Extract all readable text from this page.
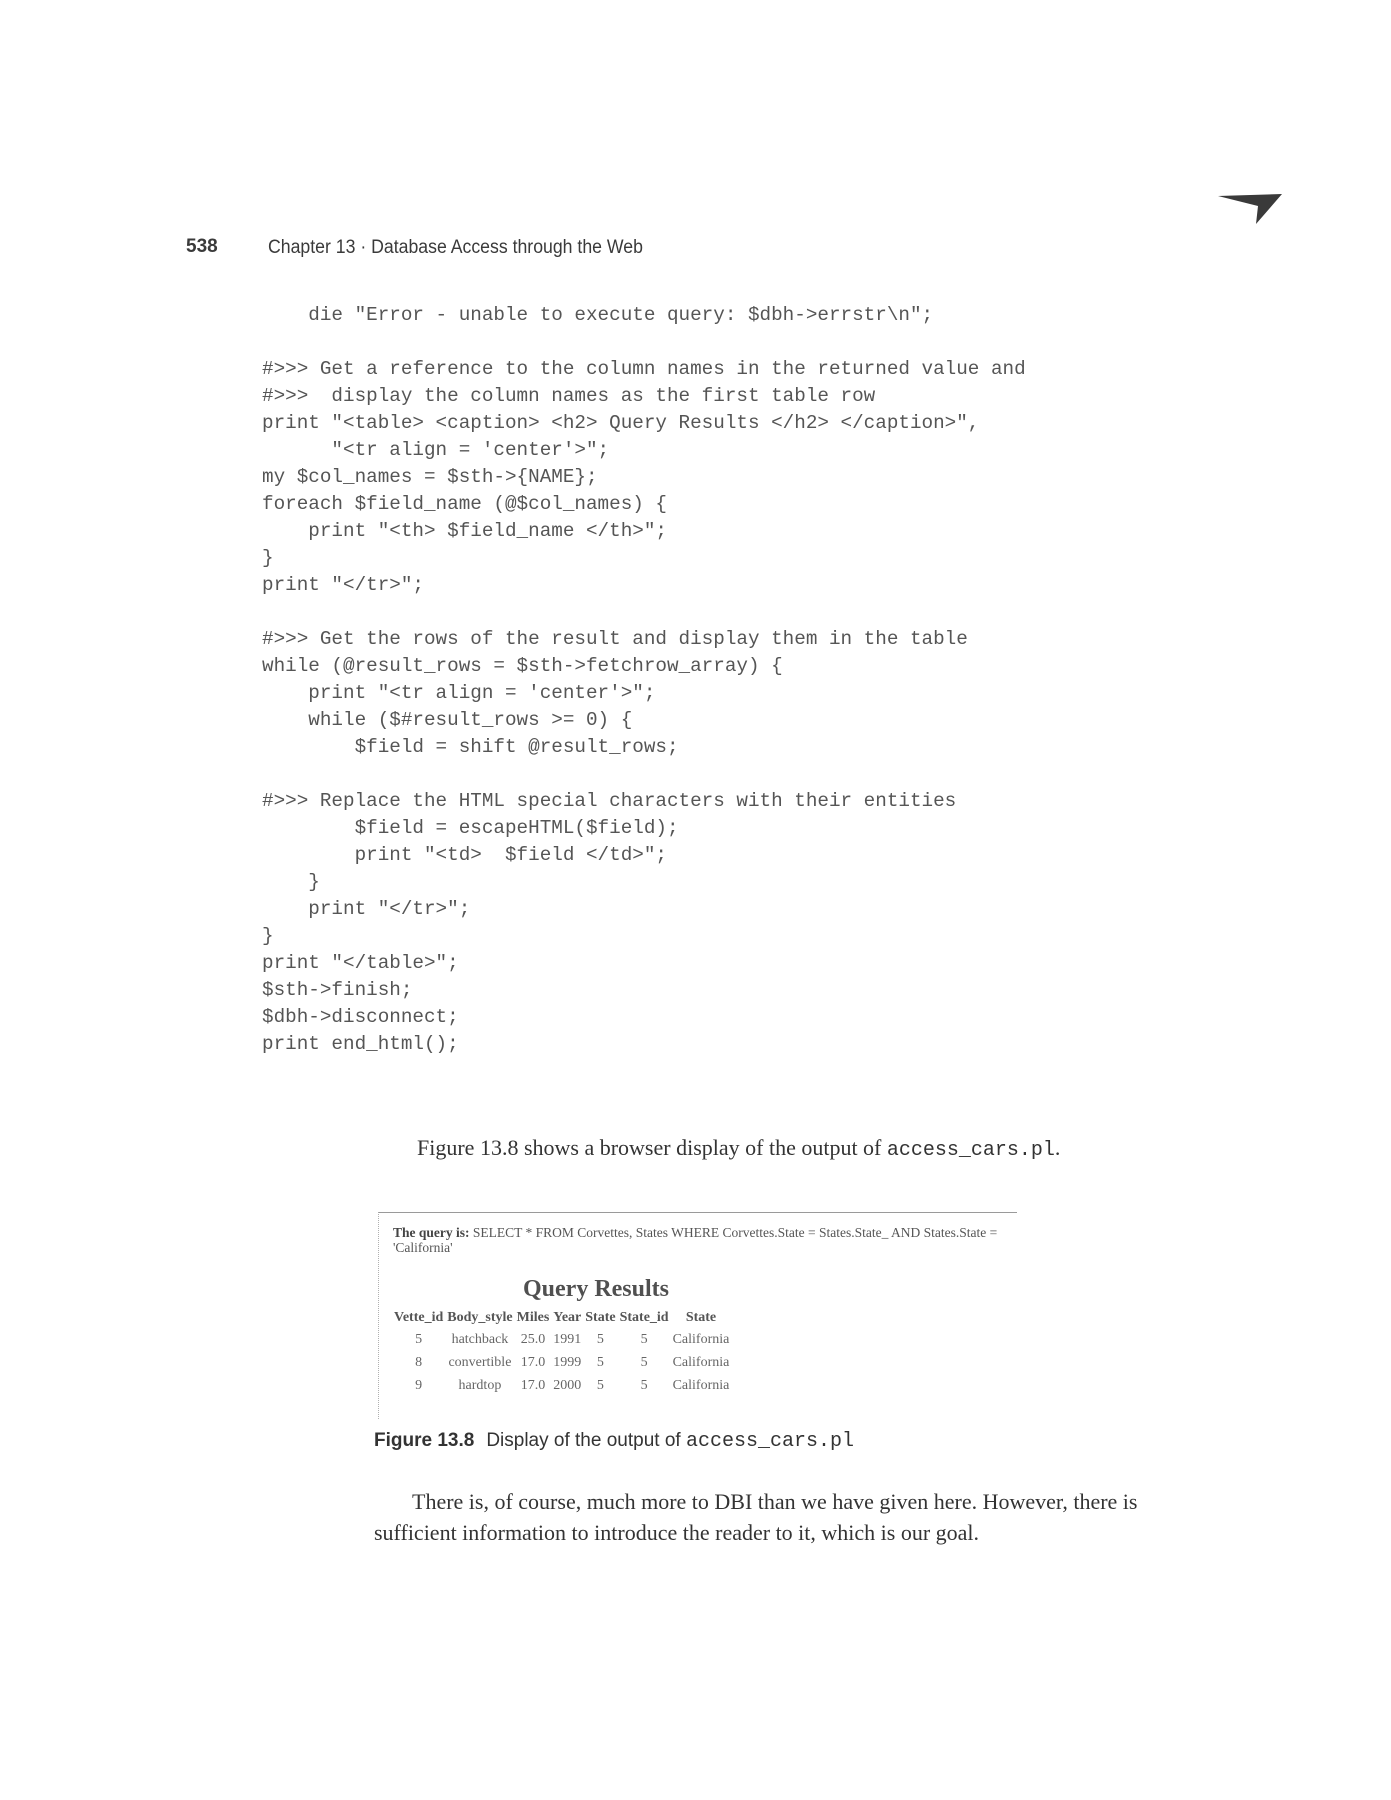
538	Chapter 13 · Database Access through the Web
die "Error - unable to execute query: $dbh->errstr\n";
#>>> Get a reference to the column names in the returned value and
#>>>  display the column names as the first table row
print "<table> <caption> <h2> Query Results </h2> </caption>",
"<tr align = 'center'>";
my $col_names = $sth->{NAME};
foreach $field_name (@$col_names) {
print "<th> $field_name </th>";
}
print "</tr>";
#>>> Get the rows of the result and display them in the table
while (@result_rows = $sth->fetchrow_array) {
print "<tr align = 'center'>";
while ($#result_rows >= 0) {
$field = shift @result_rows;
#>>> Replace the HTML special characters with their entities
$field = escapeHTML($field);
print "<td>  $field </td>";
}
print "</tr>";
}
print "</table>";
$sth->finish;
$dbh->disconnect;
print end_html();
Figure 13.8 shows a browser display of the output of access_cars.pl.
The query is: SELECT * FROM Corvettes, States WHERE Corvettes.State = States.State_ AND States.State = 'California'
Query Results
Vette_id	Body_style	Miles	Year	State	State_id	State
5	hatchback	25.0	1991	5	5	California
8	convertible	17.0	1999	5	5	California
9	hardtop	17.0	2000	5	5	California
Figure 13.8 Display of the output of access_cars.pl
There is, of course, much more to DBI than we have given here. However, there is sufficient information to introduce the reader to it, which is our goal.
